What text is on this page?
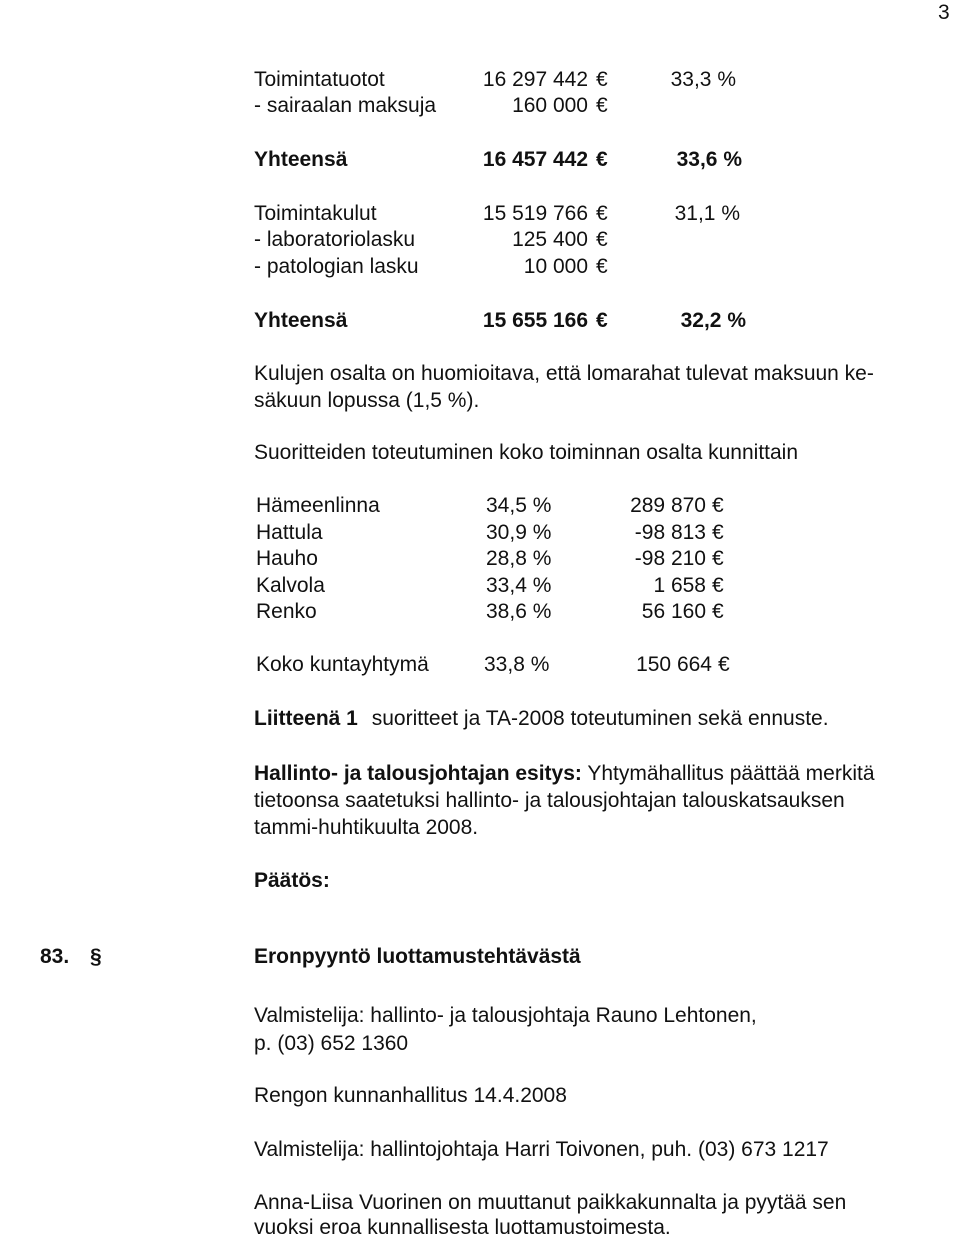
3
Toimintatuotot	16 297 442 €	33,3 %
- sairaalan maksuja	160 000 €
Yhteensä	16 457 442 €	33,6 %
Toimintakulut	15 519 766 €	31,1 %
- laboratoriolasku	125 400 €
- patologian lasku	10 000 €
Yhteensä	15 655 166 €	32,2 %
Kulujen osalta on huomioitava, että lomarahat tulevat maksuun ke-
säkuun lopussa (1,5 %).
Suoritteiden toteutuminen koko toiminnan osalta kunnittain
Hämeenlinna	34,5 %	289 870 €
Hattula	30,9 %	-98 813 €
Hauho	28,8 %	-98 210 €
Kalvola	33,4 %	1 658 €
Renko	38,6 %	56 160 €
Koko kuntayhtymä	33,8 %	150 664 €
Liitteenä 1 suoritteet ja TA-2008 toteutuminen sekä ennuste.
Hallinto- ja talousjohtajan esitys: Yhtymähallitus päättää merkitä
tietoonsa saatetuksi hallinto- ja talousjohtajan talouskatsauksen
tammi-huhtikuulta 2008.
Päätös:
83. §	Eronpyyntö luottamustehtävästä
Valmistelija: hallinto- ja talousjohtaja Rauno Lehtonen,
p. (03) 652 1360
Rengon kunnanhallitus 14.4.2008
Valmistelija: hallintojohtaja Harri Toivonen, puh. (03) 673 1217
Anna-Liisa Vuorinen on muuttanut paikkakunnalta ja pyytää sen
vuoksi eroa kunnallisesta luottamustoimesta.
